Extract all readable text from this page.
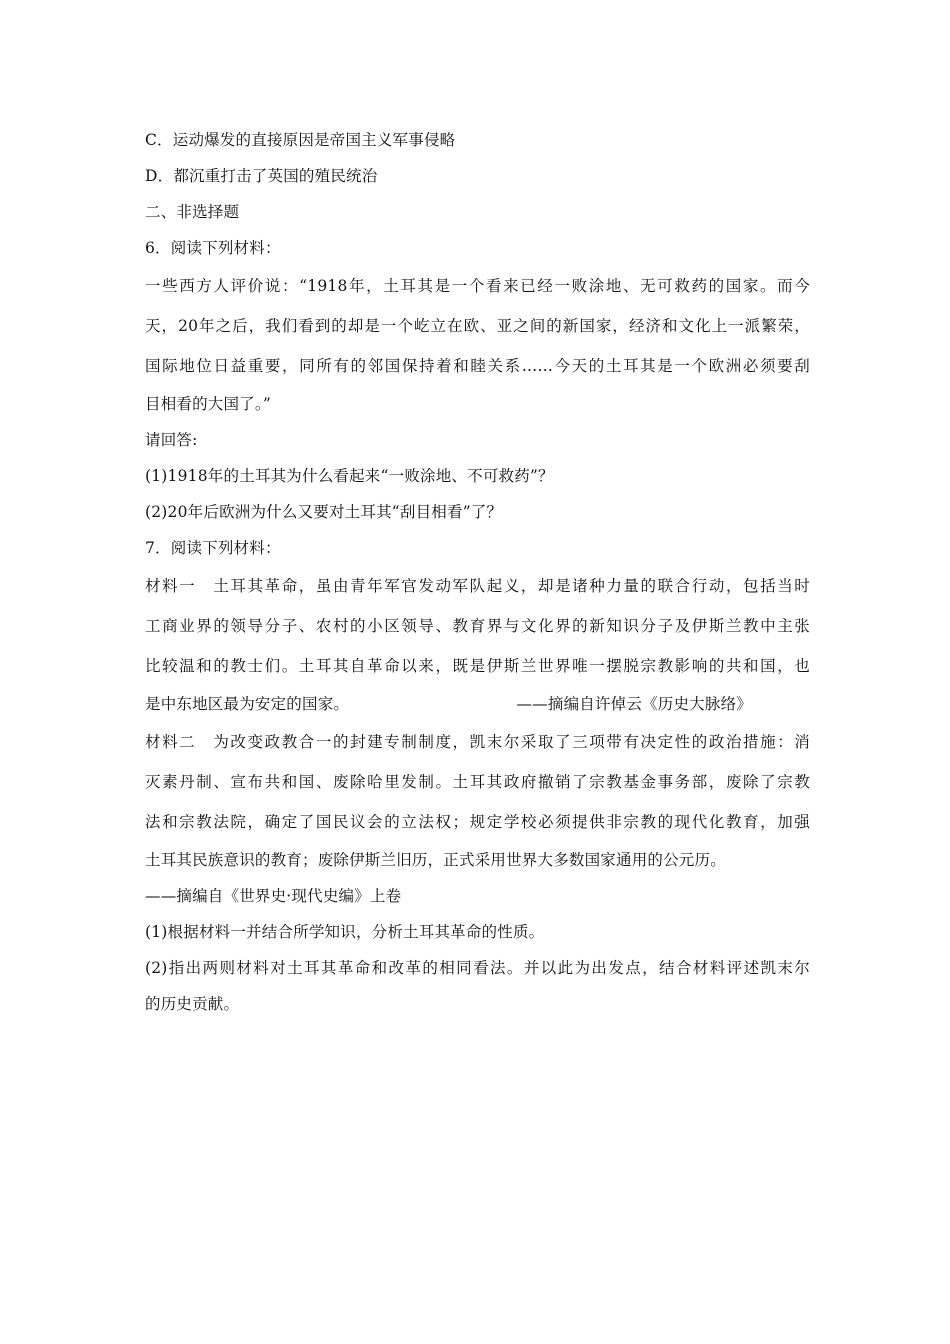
C．运动爆发的直接原因是帝国主义军事侵略
D．都沉重打击了英国的殖民统治
二、非选择题
6．阅读下列材料：
一些西方人评价说：“1918年，土耳其是一个看来已经一败涂地、无可救药的国家。而今
天，20年之后，我们看到的却是一个屹立在欧、亚之间的新国家，经济和文化上一派繁荣，
国际地位日益重要，同所有的邻国保持着和睦关系……今天的土耳其是一个欧洲必须要刮
目相看的大国了。”
请回答:
(1)1918年的土耳其为什么看起来“一败涂地、不可救药”？
(2)20年后欧洲为什么又要对土耳其“刮目相看”了？
7．阅读下列材料：
材料一　土耳其革命，虽由青年军官发动军队起义，却是诸种力量的联合行动，包括当时
工商业界的领导分子、农村的小区领导、教育界与文化界的新知识分子及伊斯兰教中主张
比较温和的教士们。土耳其自革命以来，既是伊斯兰世界唯一摆脱宗教影响的共和国，也
是中东地区最为安定的国家。	——摘编自许倬云《历史大脉络》
材料二　为改变政教合一的封建专制制度，凯末尔采取了三项带有决定性的政治措施：消
灭素丹制、宣布共和国、废除哈里发制。土耳其政府撤销了宗教基金事务部，废除了宗教
法和宗教法院，确定了国民议会的立法权；规定学校必须提供非宗教的现代化教育，加强
土耳其民族意识的教育；废除伊斯兰旧历，正式采用世界大多数国家通用的公元历。
——摘编自《世界史·现代史编》上卷
(1)根据材料一并结合所学知识，分析土耳其革命的性质。
(2)指出两则材料对土耳其革命和改革的相同看法。并以此为出发点，结合材料评述凯末尔
的历史贡献。
